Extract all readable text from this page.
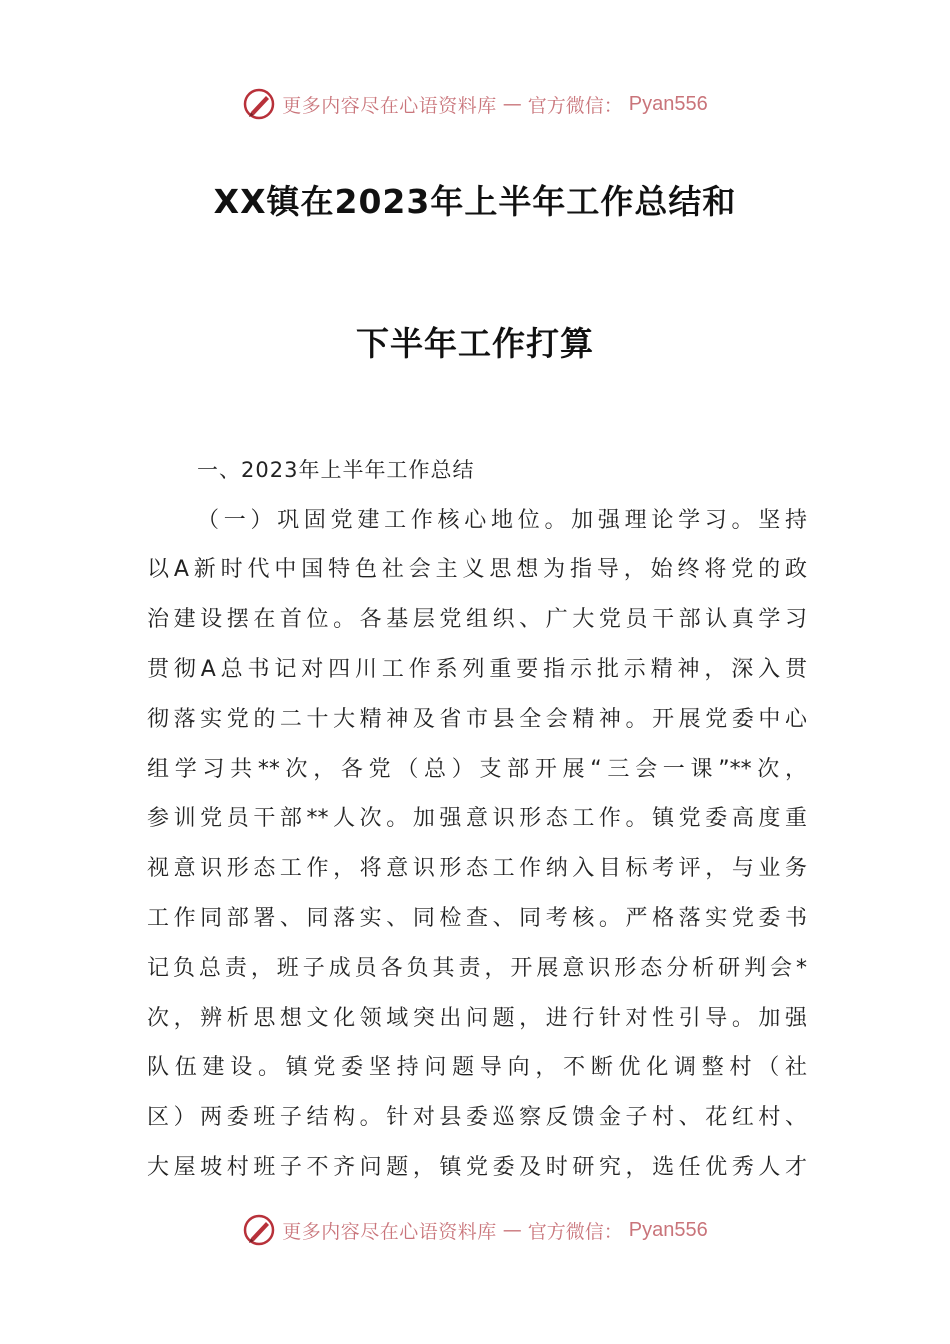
更多内容尽在心语资料库 — 官方微信： Pyan556
XX镇在2023年上半年工作总结和
下半年工作打算
一、2023年上半年工作总结
（一）巩固党建工作核心地位。加强理论学习。坚持
以A新时代中国特色社会主义思想为指导，始终将党的政
治建设摆在首位。各基层党组织、广大党员干部认真学习
贯彻A总书记对四川工作系列重要指示批示精神，深入贯
彻落实党的二十大精神及省市县全会精神。开展党委中心
组学习共**次，各党（总）支部开展“三会一课”**次，
参训党员干部**人次。加强意识形态工作。镇党委高度重
视意识形态工作，将意识形态工作纳入目标考评，与业务
工作同部署、同落实、同检查、同考核。严格落实党委书
记负总责，班子成员各负其责，开展意识形态分析研判会*
次，辨析思想文化领域突出问题，进行针对性引导。加强
队伍建设。镇党委坚持问题导向，不断优化调整村（社
区）两委班子结构。针对县委巡察反馈金子村、花红村、
大屋坡村班子不齐问题，镇党委及时研究，选任优秀人才
更多内容尽在心语资料库 — 官方微信： Pyan556
